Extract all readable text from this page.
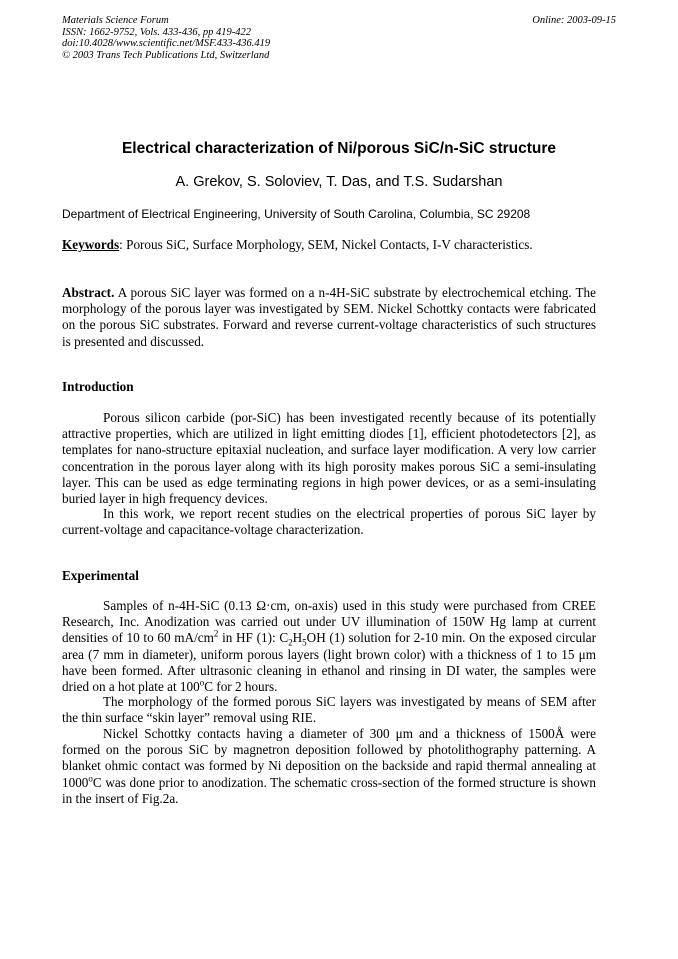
Materials Science Forum
ISSN: 1662-9752, Vols. 433-436, pp 419-422
doi:10.4028/www.scientific.net/MSF.433-436.419
© 2003 Trans Tech Publications Ltd, Switzerland
Online: 2003-09-15
Electrical characterization of Ni/porous SiC/n-SiC structure
A. Grekov, S. Soloviev, T. Das, and T.S. Sudarshan
Department of Electrical Engineering, University of South Carolina, Columbia, SC 29208
Keywords: Porous SiC, Surface Morphology, SEM, Nickel Contacts, I-V characteristics.
Abstract. A porous SiC layer was formed on a n-4H-SiC substrate by electrochemical etching. The morphology of the porous layer was investigated by SEM. Nickel Schottky contacts were fabricated on the porous SiC substrates. Forward and reverse current-voltage characteristics of such structures is presented and discussed.
Introduction
Porous silicon carbide (por-SiC) has been investigated recently because of its potentially attractive properties, which are utilized in light emitting diodes [1], efficient photodetectors [2], as templates for nano-structure epitaxial nucleation, and surface layer modification. A very low carrier concentration in the porous layer along with its high porosity makes porous SiC a semi-insulating layer. This can be used as edge terminating regions in high power devices, or as a semi-insulating buried layer in high frequency devices.
In this work, we report recent studies on the electrical properties of porous SiC layer by current-voltage and capacitance-voltage characterization.
Experimental
Samples of n-4H-SiC (0.13 Ω·cm, on-axis) used in this study were purchased from CREE Research, Inc. Anodization was carried out under UV illumination of 150W Hg lamp at current densities of 10 to 60 $mA/cm^2$ in HF (1): $C_2H_5OH$ (1) solution for 2-10 min. On the exposed circular area (7 mm in diameter), uniform porous layers (light brown color) with a thickness of 1 to 15 μm have been formed. After ultrasonic cleaning in ethanol and rinsing in DI water, the samples were dried on a hot plate at 100$^o$C for 2 hours.
The morphology of the formed porous SiC layers was investigated by means of SEM after the thin surface “skin layer” removal using RIE.
Nickel Schottky contacts having a diameter of 300 μm and a thickness of 1500Å were formed on the porous SiC by magnetron deposition followed by photolithography patterning. A blanket ohmic contact was formed by Ni deposition on the backside and rapid thermal annealing at 1000$^o$C was done prior to anodization. The schematic cross-section of the formed structure is shown in the insert of Fig.2a.
